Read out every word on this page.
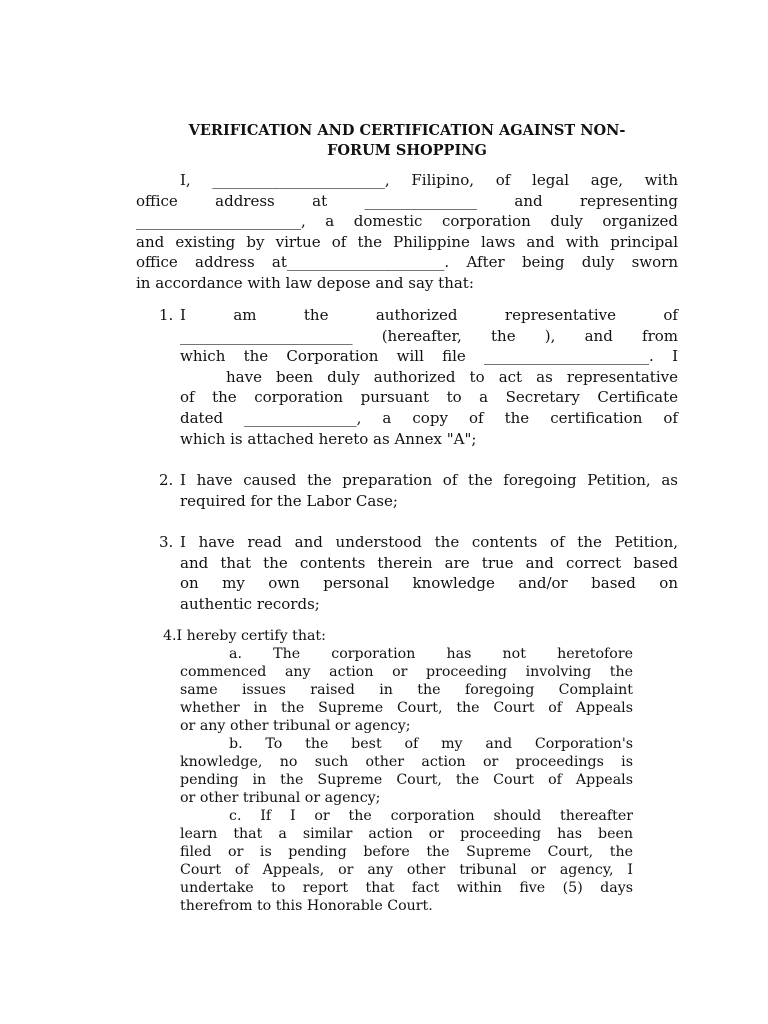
VERIFICATION AND CERTIFICATION AGAINST NON-
FORUM SHOPPING
I, _______________________, Filipino, of legal age, with
office address at _______________ and representing
______________________, a domestic corporation duly organized
and existing by virtue of the Philippine laws and with principal
office address at_____________________. After being duly sworn
in accordance with law depose and say that:
1. I am the authorized representative of
_______________________ (hereafter, the ), and from
which the Corporation will file ______________________. I
have been duly authorized to act as representative
of the corporation pursuant to a Secretary Certificate
dated _______________, a copy of the certification of
which is attached hereto as Annex "A";
2. I have caused the preparation of the foregoing Petition, as
required for the Labor Case;
3. I have read and understood the contents of the Petition,
and that the contents therein are true and correct based
on my own personal knowledge and/or based on
authentic records;
4.I hereby certify that:
a. The corporation has not heretofore
commenced any action or proceeding involving the
same issues raised in the foregoing Complaint
whether in the Supreme Court, the Court of Appeals
or any other tribunal or agency;
b. To the best of my and Corporation's
knowledge, no such other action or proceedings is
pending in the Supreme Court, the Court of Appeals
or other tribunal or agency;
c. If I or the corporation should thereafter
learn that a similar action or proceeding has been
filed or is pending before the Supreme Court, the
Court of Appeals, or any other tribunal or agency, I
undertake to report that fact within five (5) days
therefrom to this Honorable Court.
